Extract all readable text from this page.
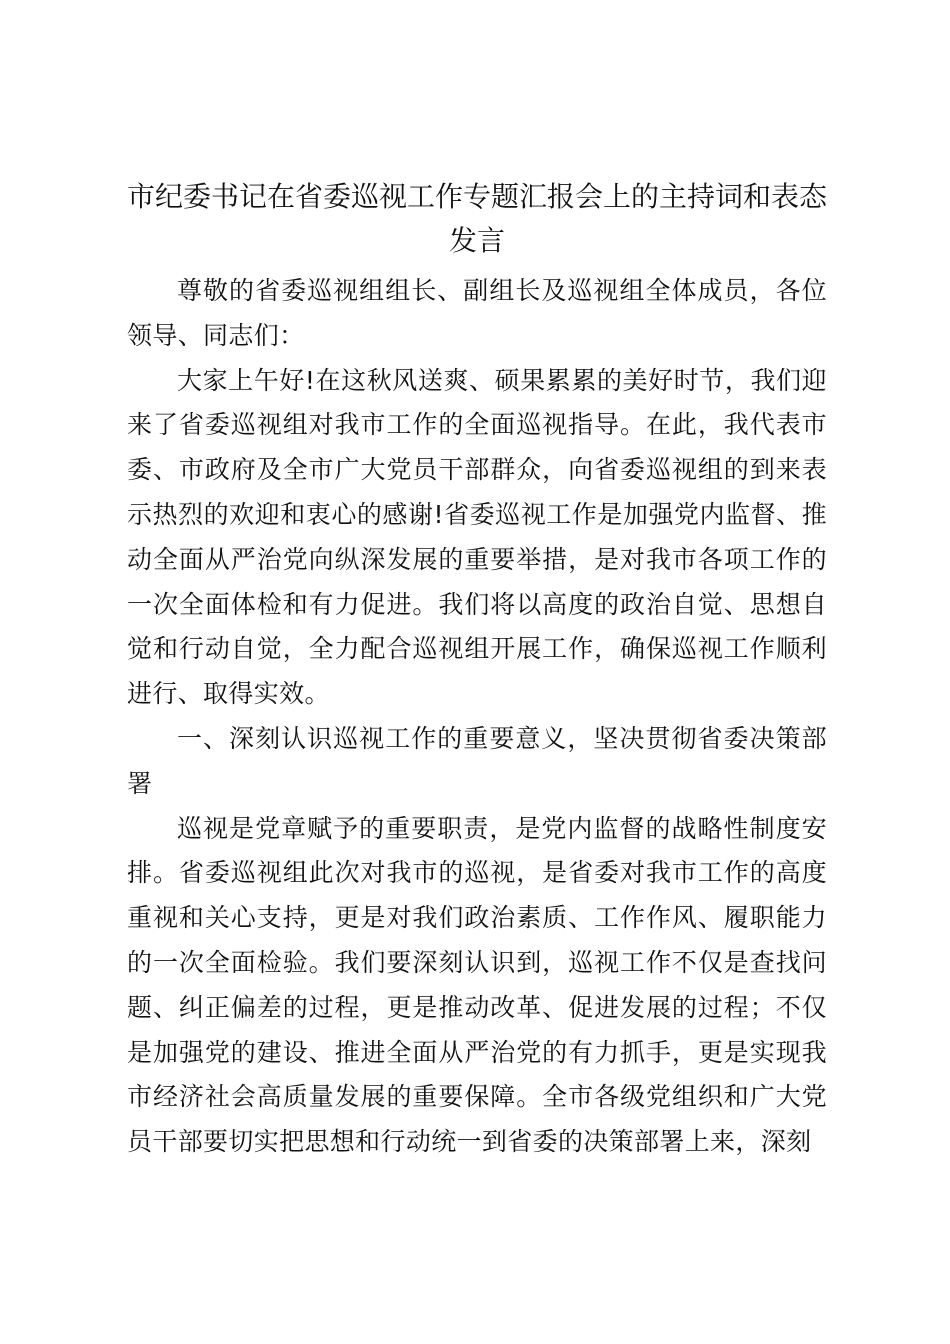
市纪委书记在省委巡视工作专题汇报会上的主持词和表态发言

尊敬的省委巡视组组长、副组长及巡视组全体成员，各位领导、同志们：

大家上午好!在这秋风送爽、硕果累累的美好时节，我们迎来了省委巡视组对我市工作的全面巡视指导。在此，我代表市委、市政府及全市广大党员干部群众，向省委巡视组的到来表示热烈的欢迎和衷心的感谢!省委巡视工作是加强党内监督、推动全面从严治党向纵深发展的重要举措，是对我市各项工作的一次全面体检和有力促进。我们将以高度的政治自觉、思想自觉和行动自觉，全力配合巡视组开展工作，确保巡视工作顺利进行、取得实效。

一、深刻认识巡视工作的重要意义，坚决贯彻省委决策部署

巡视是党章赋予的重要职责，是党内监督的战略性制度安排。省委巡视组此次对我市的巡视，是省委对我市工作的高度重视和关心支持，更是对我们政治素质、工作作风、履职能力的一次全面检验。我们要深刻认识到，巡视工作不仅是查找问题、纠正偏差的过程，更是推动改革、促进发展的过程；不仅是加强党的建设、推进全面从严治党的有力抓手，更是实现我市经济社会高质量发展的重要保障。全市各级党组织和广大党员干部要切实把思想和行动统一到省委的决策部署上来，深刻
